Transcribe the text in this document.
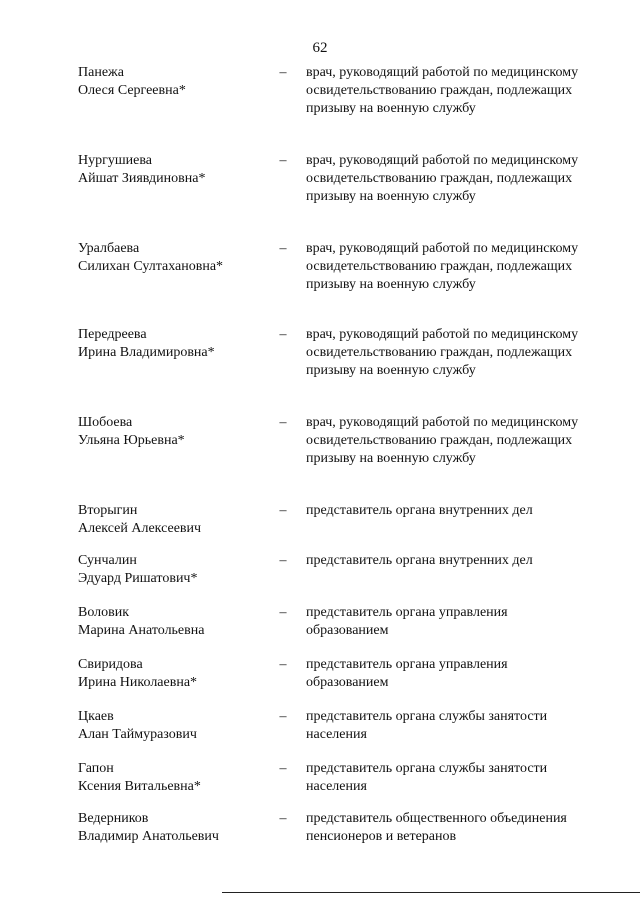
62
Панежа
Олеся Сергеевна*
– врач, руководящий работой по медицинскому освидетельствованию граждан, подлежащих призыву на военную службу
Нургушиева
Айшат Зиявдиновна*
– врач, руководящий работой по медицинскому освидетельствованию граждан, подлежащих призыву на военную службу
Уралбаева
Силихан Султахановна*
– врач, руководящий работой по медицинскому освидетельствованию граждан, подлежащих призыву на военную службу
Передреева
Ирина Владимировна*
– врач, руководящий работой по медицинскому освидетельствованию граждан, подлежащих призыву на военную службу
Шобоева
Ульяна Юрьевна*
– врач, руководящий работой по медицинскому освидетельствованию граждан, подлежащих призыву на военную службу
Вторыгин
Алексей Алексеевич
– представитель органа внутренних дел
Сунчалин
Эдуард Ришатович*
– представитель органа внутренних дел
Воловик
Марина Анатольевна
– представитель органа управления образованием
Свиридова
Ирина Николаевна*
– представитель органа управления образованием
Цкаев
Алан Таймуразович
– представитель органа службы занятости населения
Гапон
Ксения Витальевна*
– представитель органа службы занятости населения
Ведерников
Владимир Анатольевич
– представитель общественного объединения пенсионеров и ветеранов
